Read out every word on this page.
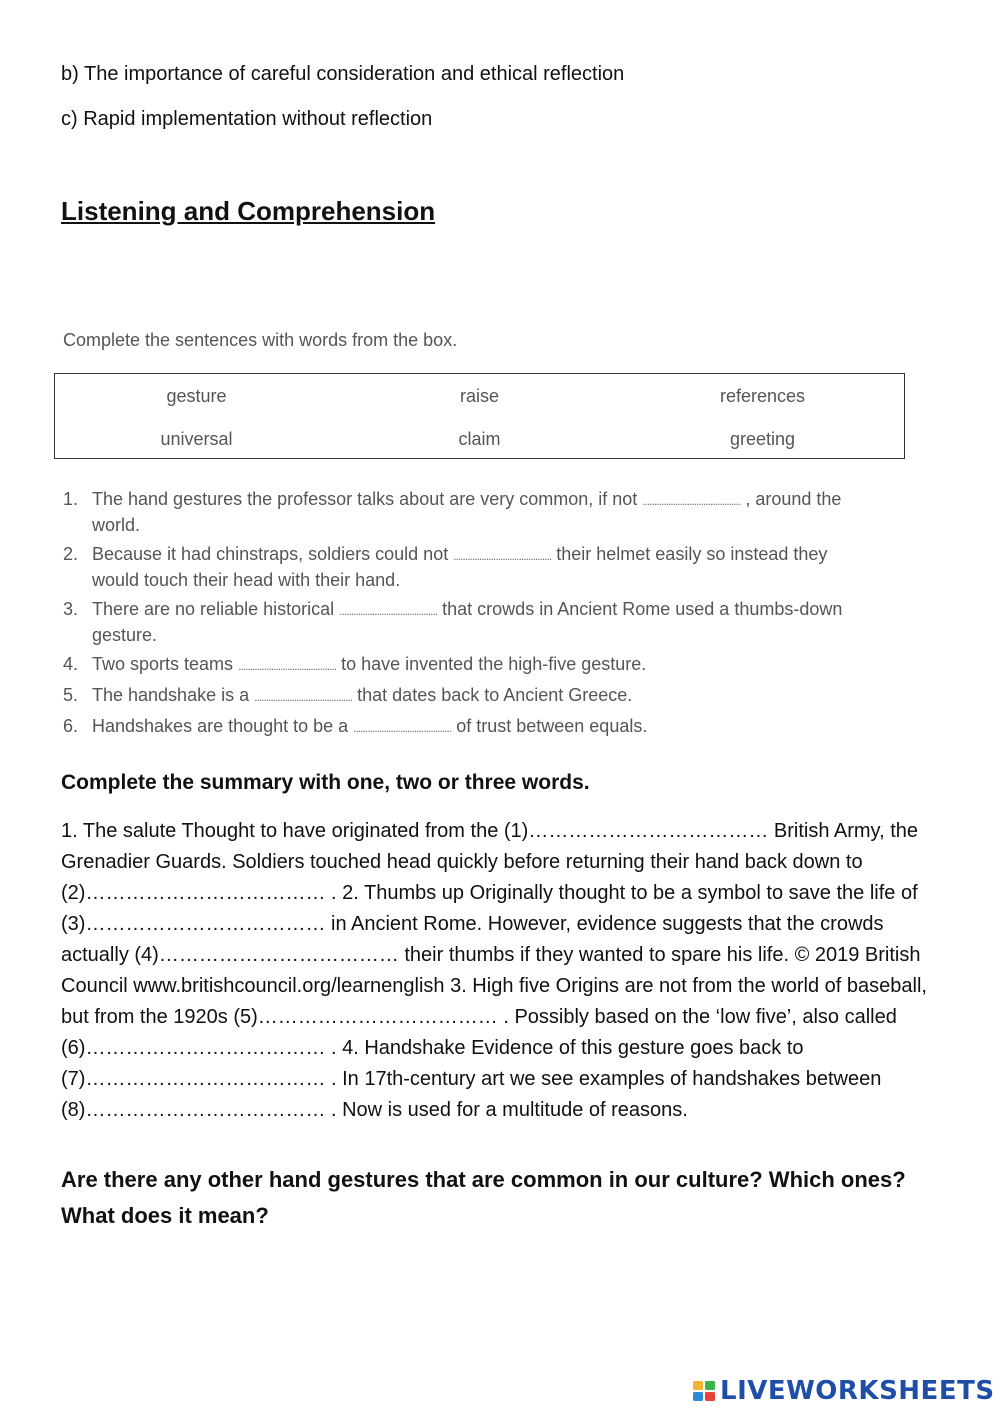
b) The importance of careful consideration and ethical reflection
c) Rapid implementation without reflection
Listening and Comprehension
Complete the sentences with words from the box.
gesture	raise	references
universal	claim	greeting
1. The hand gestures the professor talks about are very common, if not .......................................... , around the world.
2. Because it had chinstraps, soldiers could not .......................................... their helmet easily so instead they would touch their head with their hand.
3. There are no reliable historical .......................................... that crowds in Ancient Rome used a thumbs-down gesture.
4. Two sports teams .......................................... to have invented the high-five gesture.
5. The handshake is a .......................................... that dates back to Ancient Greece.
6. Handshakes are thought to be a .......................................... of trust between equals.
Complete the summary with one, two or three words.
1. The salute Thought to have originated from the (1)……………………………… British Army, the Grenadier Guards. Soldiers touched head quickly before returning their hand back down to (2)……………………………… . 2. Thumbs up Originally thought to be a symbol to save the life of (3)……………………………… in Ancient Rome. However, evidence suggests that the crowds actually (4)……………………………… their thumbs if they wanted to spare his life. © 2019 British Council www.britishcouncil.org/learnenglish 3. High five Origins are not from the world of baseball, but from the 1920s (5)……………………………… . Possibly based on the ‘low five’, also called (6)……………………………… . 4. Handshake Evidence of this gesture goes back to (7)……………………………… . In 17th-century art we see examples of handshakes between (8)……………………………… . Now is used for a multitude of reasons.
Are there any other hand gestures that are common in our culture? Which ones? What does it mean?
LIVEWORKSHEETS
